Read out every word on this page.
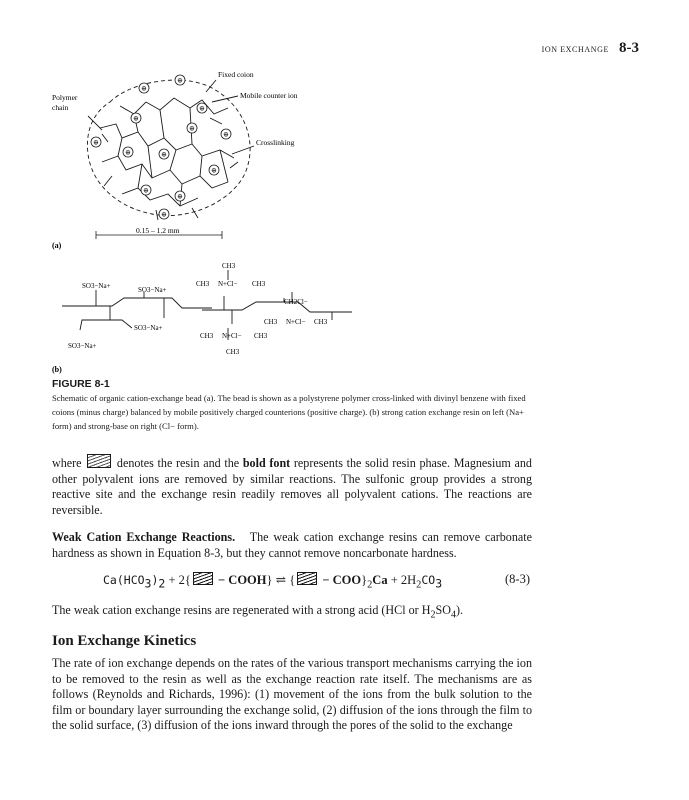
ION EXCHANGE 8-3
⊕
⊕
⊕
⊕
⊕
⊕	⊕
⊕
⊕
⊕
⊕
⊕
⊕
Fixed coion
Mobile counter ion
Polymer
chain
Crosslinking
0.15 – 1.2 mm
(a)
SO3−Na+	SO3−Na+
SO3−Na+
SO3−Na+
CH3
CH3 N+Cl− CH3
CH2Cl−
CH3 N+Cl− CH3
CH3 N+Cl− CH3
CH3
(b)
FIGURE 8-1
Schematic of organic cation-exchange bead (a). The bead is shown as a polystyrene polymer cross-linked with divinyl benzene with fixed coions (minus charge) balanced by mobile positively charged counterions (positive charge). (b) strong cation exchange resin on left (Na+ form) and strong-base on right (Cl− form).
where	denotes the resin and the bold font represents the solid resin phase. Magnesium and other polyvalent ions are removed by similar reactions. The sulfonic group provides a strong reactive site and the exchange resin readily removes all polyvalent cations. The reactions are reversible.
Weak Cation Exchange Reactions. The weak cation exchange resins can remove carbonate hardness as shown in Equation 8-3, but they cannot remove noncarbonate hardness.
$Ca(HCO_3)_2 + 2${ − COOH} ⇌ { − $COO\}_2Ca + 2H_2CO_3$	(8-3)
The weak cation exchange resins are regenerated with a strong acid (HCl or $H_2SO_4$).
Ion Exchange Kinetics
The rate of ion exchange depends on the rates of the various transport mechanisms carrying the ion to be removed to the resin as well as the exchange reaction rate itself. The mechanisms are as follows (Reynolds and Richards, 1996): (1) movement of the ions from the bulk solution to the film or boundary layer surrounding the exchange solid, (2) diffusion of the ions through the film to the solid surface, (3) diffusion of the ions inward through the pores of the solid to the exchange
